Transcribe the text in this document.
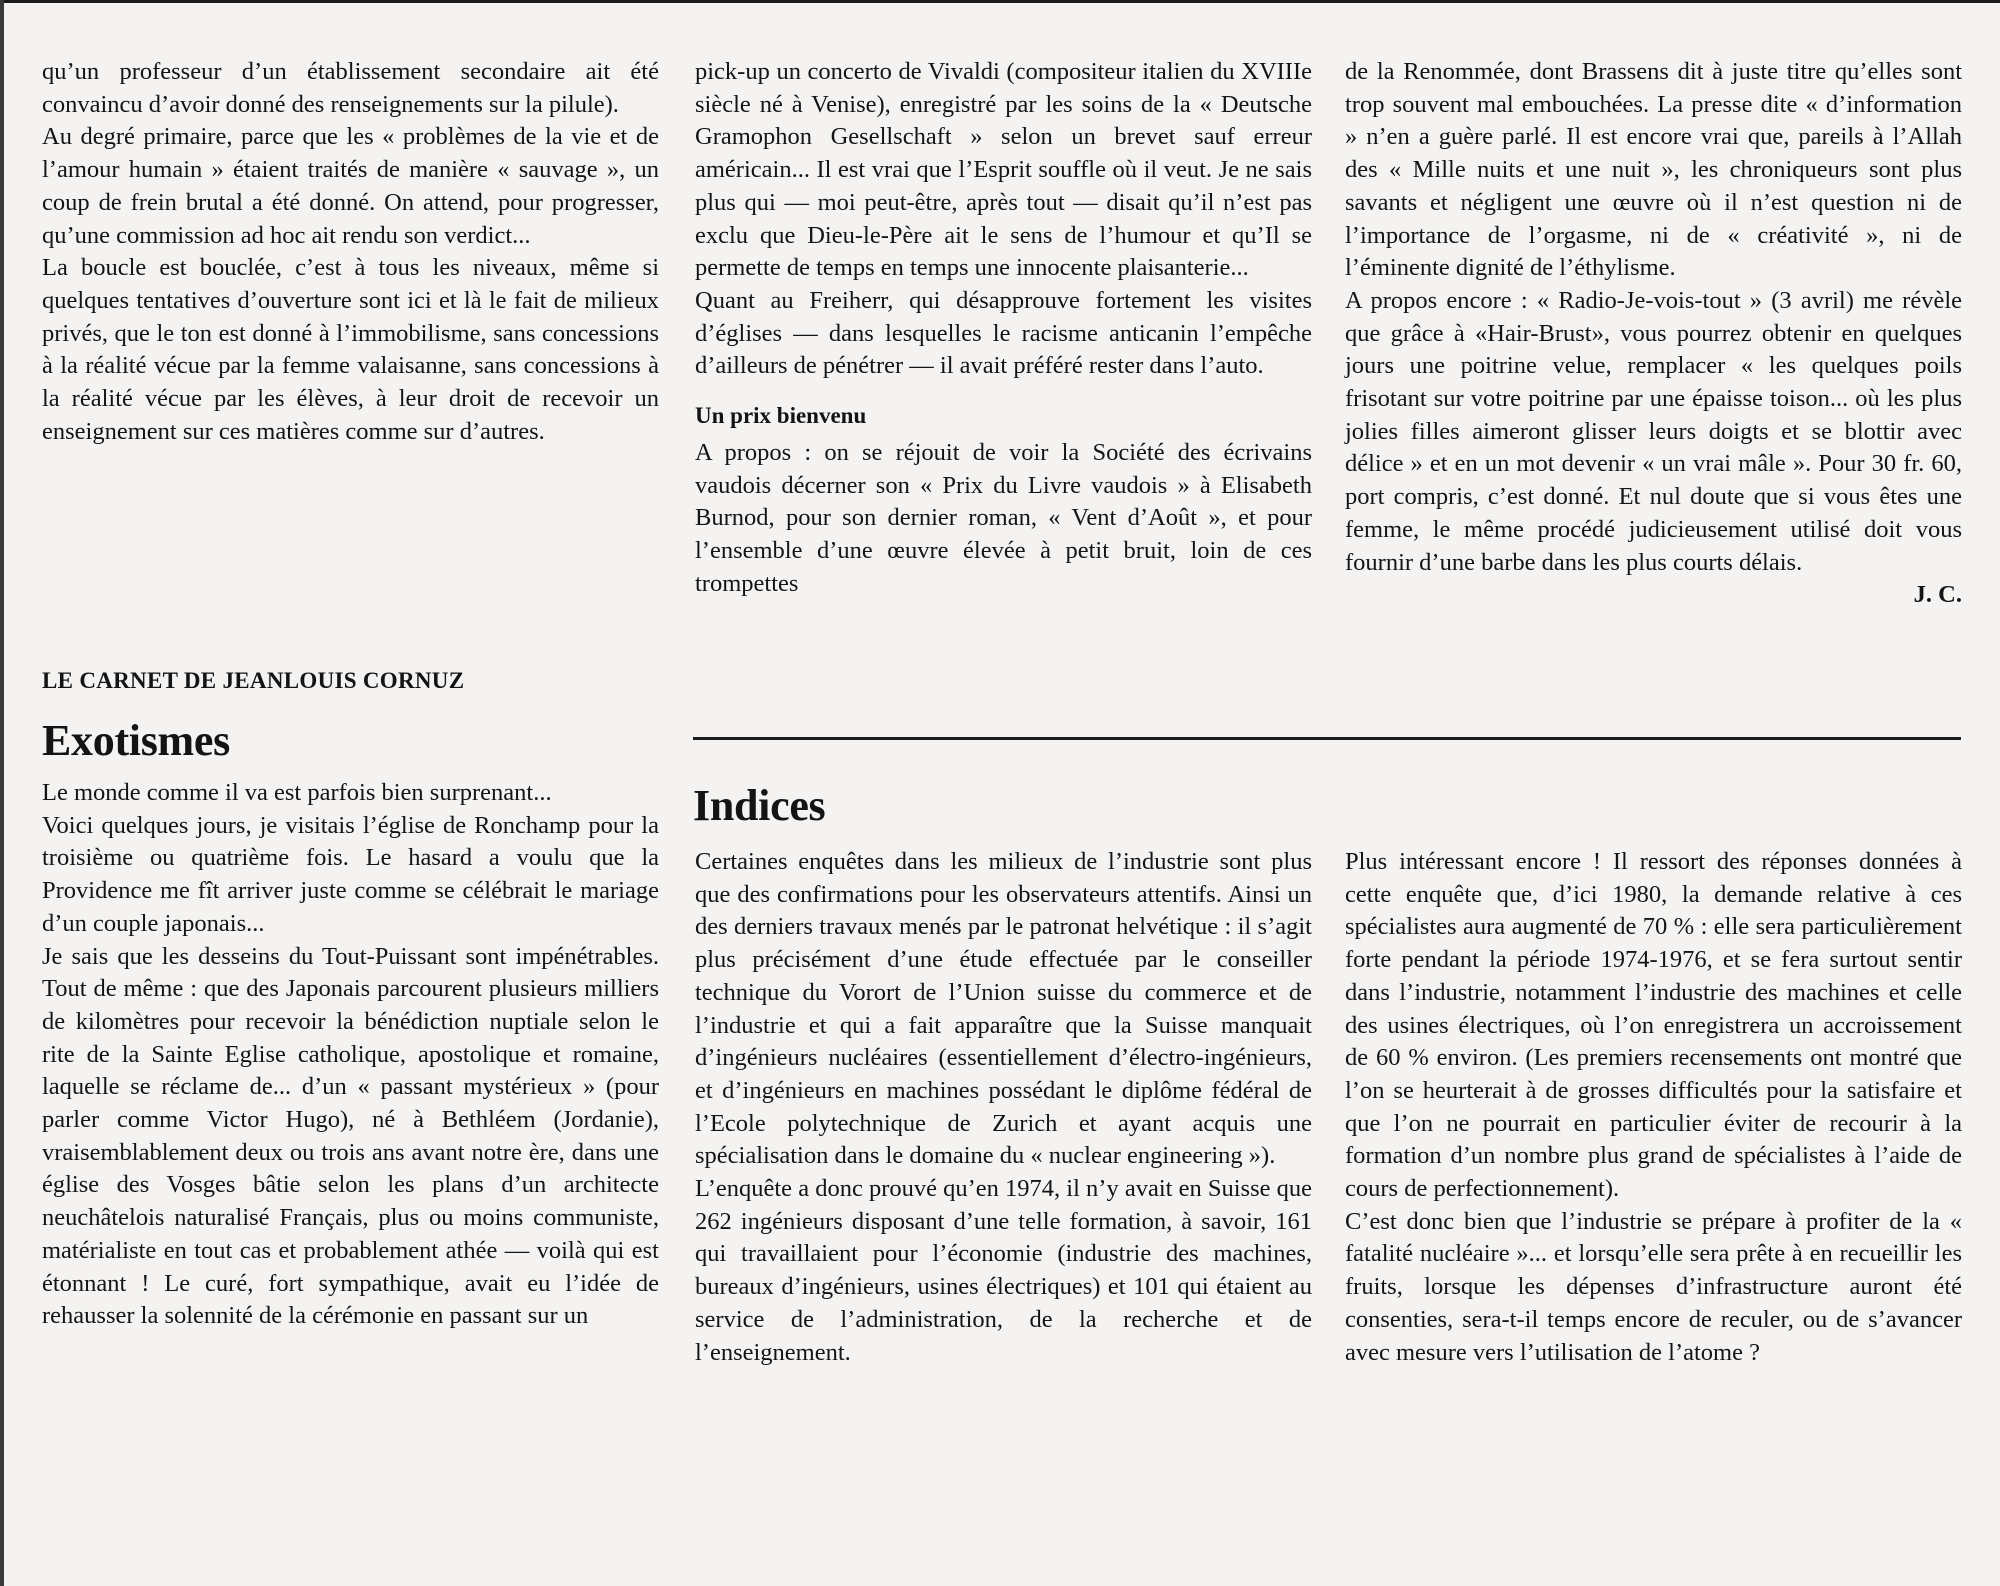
qu’un professeur d’un établissement secondaire ait été convaincu d’avoir donné des renseignements sur la pilule).

Au degré primaire, parce que les « problèmes de la vie et de l’amour humain » étaient traités de manière « sauvage », un coup de frein brutal a été donné. On attend, pour progresser, qu’une commission ad hoc ait rendu son verdict...

La boucle est bouclée, c’est à tous les niveaux, même si quelques tentatives d’ouverture sont ici et là le fait de milieux privés, que le ton est donné à l’immobilisme, sans concessions à la réalité vécue par la femme valaisanne, sans concessions à la réalité vécue par les élèves, à leur droit de recevoir un enseignement sur ces matières comme sur d’autres.

LE CARNET DE JEANLOUIS CORNUZ
Exotismes

Le monde comme il va est parfois bien surprenant...

Voici quelques jours, je visitais l’église de Ronchamp pour la troisième ou quatrième fois. Le hasard a voulu que la Providence me fît arriver juste comme se célébrait le mariage d’un couple japonais...

Je sais que les desseins du Tout-Puissant sont impénétrables. Tout de même : que des Japonais parcourent plusieurs milliers de kilomètres pour recevoir la bénédiction nuptiale selon le rite de la Sainte Eglise catholique, apostolique et romaine, laquelle se réclame de... d’un « passant mystérieux » (pour parler comme Victor Hugo), né à Bethléem (Jordanie), vraisemblablement deux ou trois ans avant notre ère, dans une église des Vosges bâtie selon les plans d’un architecte neuchâtelois naturalisé Français, plus ou moins communiste, matérialiste en tout cas et probablement athée — voilà qui est étonnant ! Le curé, fort sympathique, avait eu l’idée de rehausser la solennité de la cérémonie en passant sur un

pick-up un concerto de Vivaldi (compositeur italien du XVIIIe siècle né à Venise), enregistré par les soins de la « Deutsche Gramophon Gesellschaft » selon un brevet sauf erreur américain... Il est vrai que l’Esprit souffle où il veut. Je ne sais plus qui — moi peut-être, après tout — disait qu’il n’est pas exclu que Dieu-le-Père ait le sens de l’humour et qu’Il se permette de temps en temps une innocente plaisanterie...

Quant au Freiherr, qui désapprouve fortement les visites d’églises — dans lesquelles le racisme anticanin l’empêche d’ailleurs de pénétrer — il avait préféré rester dans l’auto.

Un prix bienvenu

A propos : on se réjouit de voir la Société des écrivains vaudois décerner son « Prix du Livre vaudois » à Elisabeth Burnod, pour son dernier roman, « Vent d’Août », et pour l’ensemble d’une œuvre élevée à petit bruit, loin de ces trompettes

de la Renommée, dont Brassens dit à juste titre qu’elles sont trop souvent mal embouchées. La presse dite « d’information » n’en a guère parlé. Il est encore vrai que, pareils à l’Allah des « Mille nuits et une nuit », les chroniqueurs sont plus savants et négligent une œuvre où il n’est question ni de l’importance de l’orgasme, ni de « créativité », ni de l’éminente dignité de l’éthylisme.

A propos encore : « Radio-Je-vois-tout » (3 avril) me révèle que grâce à «Hair-Brust», vous pourrez obtenir en quelques jours une poitrine velue, remplacer « les quelques poils frisotant sur votre poitrine par une épaisse toison... où les plus jolies filles aimeront glisser leurs doigts et se blottir avec délice » et en un mot devenir « un vrai mâle ». Pour 30 fr. 60, port compris, c’est donné. Et nul doute que si vous êtes une femme, le même procédé judicieusement utilisé doit vous fournir d’une barbe dans les plus courts délais.

J. C.
Indices

Certaines enquêtes dans les milieux de l’industrie sont plus que des confirmations pour les observateurs attentifs. Ainsi un des derniers travaux menés par le patronat helvétique : il s’agit plus précisément d’une étude effectuée par le conseiller technique du Vorort de l’Union suisse du commerce et de l’industrie et qui a fait apparaître que la Suisse manquait d’ingénieurs nucléaires (essentiellement d’électro-ingénieurs, et d’ingénieurs en machines possédant le diplôme fédéral de l’Ecole polytechnique de Zurich et ayant acquis une spécialisation dans le domaine du « nuclear engineering »).

L’enquête a donc prouvé qu’en 1974, il n’y avait en Suisse que 262 ingénieurs disposant d’une telle formation, à savoir, 161 qui travaillaient pour l’économie (industrie des machines, bureaux d’ingénieurs, usines électriques) et 101 qui étaient au service de l’administration, de la recherche et de l’enseignement.

Plus intéressant encore ! Il ressort des réponses données à cette enquête que, d’ici 1980, la demande relative à ces spécialistes aura augmenté de 70 % : elle sera particulièrement forte pendant la période 1974-1976, et se fera surtout sentir dans l’industrie, notamment l’industrie des machines et celle des usines électriques, où l’on enregistrera un accroissement de 60 % environ. (Les premiers recensements ont montré que l’on se heurterait à de grosses difficultés pour la satisfaire et que l’on ne pourrait en particulier éviter de recourir à la formation d’un nombre plus grand de spécialistes à l’aide de cours de perfectionnement).

C’est donc bien que l’industrie se prépare à profiter de la « fatalité nucléaire »... et lorsqu’elle sera prête à en recueillir les fruits, lorsque les dépenses d’infrastructure auront été consenties, sera-t-il temps encore de reculer, ou de s’avancer avec mesure vers l’utilisation de l’atome ?
